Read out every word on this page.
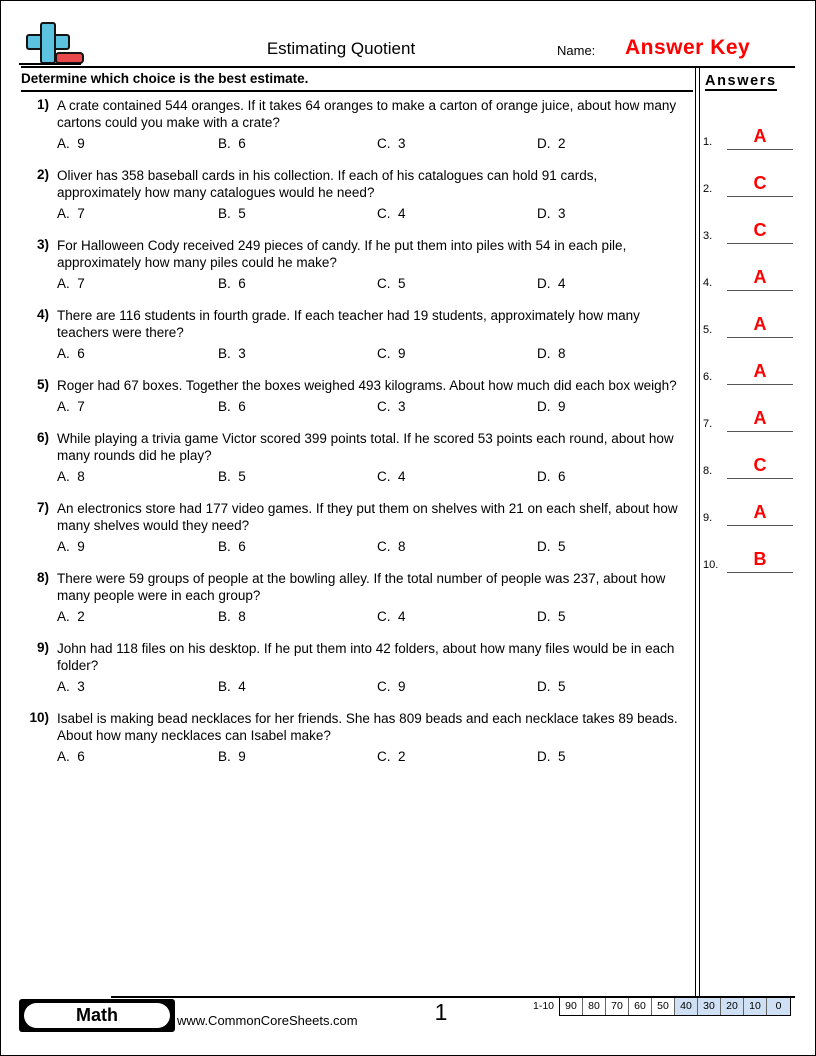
Estimating Quotient	Name: Answer Key
Determine which choice is the best estimate.
1) A crate contained 544 oranges. If it takes 64 oranges to make a carton of orange juice, about how many cartons could you make with a crate?
A.  9	B.  6	C.  3	D.  2
2) Oliver has 358 baseball cards in his collection. If each of his catalogues can hold 91 cards, approximately how many catalogues would he need?
A.  7	B.  5	C.  4	D.  3
3) For Halloween Cody received 249 pieces of candy. If he put them into piles with 54 in each pile, approximately how many piles could he make?
A.  7	B.  6	C.  5	D.  4
4) There are 116 students in fourth grade. If each teacher had 19 students, approximately how many teachers were there?
A.  6	B.  3	C.  9	D.  8
5) Roger had 67 boxes. Together the boxes weighed 493 kilograms. About how much did each box weigh?
A.  7	B.  6	C.  3	D.  9
6) While playing a trivia game Victor scored 399 points total. If he scored 53 points each round, about how many rounds did he play?
A.  8	B.  5	C.  4	D.  6
7) An electronics store had 177 video games. If they put them on shelves with 21 on each shelf, about how many shelves would they need?
A.  9	B.  6	C.  8	D.  5
8) There were 59 groups of people at the bowling alley. If the total number of people was 237, about how many people were in each group?
A.  2	B.  8	C.  4	D.  5
9) John had 118 files on his desktop. If he put them into 42 folders, about how many files would be in each folder?
A.  3	B.  4	C.  9	D.  5
10) Isabel is making bead necklaces for her friends. She has 809 beads and each necklace takes 89 beads. About how many necklaces can Isabel make?
A.  6	B.  9	C.  2	D.  5
Answers
1.	A
2.	C
3.	C
4.	A
5.	A
6.	A
7.	A
8.	C
9.	A
10.	B
Math	www.CommonCoreSheets.com	1	1-10	90	80	70	60	50	40	30	20	10	0
